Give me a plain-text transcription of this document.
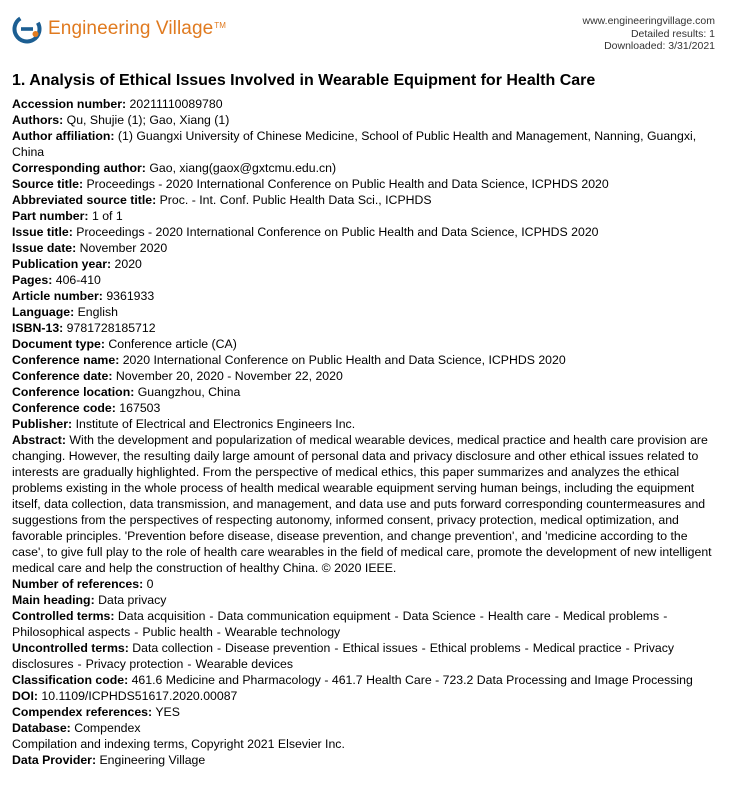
Engineering Village™	www.engineeringvillage.com
Detailed results: 1
Downloaded: 3/31/2021
1. Analysis of Ethical Issues Involved in Wearable Equipment for Health Care
Accession number: 20211110089780
Authors: Qu, Shujie (1); Gao, Xiang (1)
Author affiliation: (1) Guangxi University of Chinese Medicine, School of Public Health and Management, Nanning, Guangxi, China
Corresponding author: Gao, xiang(gaox@gxtcmu.edu.cn)
Source title: Proceedings - 2020 International Conference on Public Health and Data Science, ICPHDS 2020
Abbreviated source title: Proc. - Int. Conf. Public Health Data Sci., ICPHDS
Part number: 1 of 1
Issue title: Proceedings - 2020 International Conference on Public Health and Data Science, ICPHDS 2020
Issue date: November 2020
Publication year: 2020
Pages: 406-410
Article number: 9361933
Language: English
ISBN-13: 9781728185712
Document type: Conference article (CA)
Conference name: 2020 International Conference on Public Health and Data Science, ICPHDS 2020
Conference date: November 20, 2020 - November 22, 2020
Conference location: Guangzhou, China
Conference code: 167503
Publisher: Institute of Electrical and Electronics Engineers Inc.
Abstract: With the development and popularization of medical wearable devices, medical practice and health care provision are changing. However, the resulting daily large amount of personal data and privacy disclosure and other ethical issues related to interests are gradually highlighted. From the perspective of medical ethics, this paper summarizes and analyzes the ethical problems existing in the whole process of health medical wearable equipment serving human beings, including the equipment itself, data collection, data transmission, and management, and data use and puts forward corresponding countermeasures and suggestions from the perspectives of respecting autonomy, informed consent, privacy protection, medical optimization, and favorable principles. 'Prevention before disease, disease prevention, and change prevention', and 'medicine according to the case', to give full play to the role of health care wearables in the field of medical care, promote the development of new intelligent medical care and help the construction of healthy China. © 2020 IEEE.
Number of references: 0
Main heading: Data privacy
Controlled terms: Data acquisition - Data communication equipment - Data Science - Health care - Medical problems -Philosophical aspects - Public health - Wearable technology
Uncontrolled terms: Data collection - Disease prevention - Ethical issues - Ethical problems - Medical practice - Privacy disclosures - Privacy protection - Wearable devices
Classification code: 461.6 Medicine and Pharmacology - 461.7 Health Care - 723.2 Data Processing and Image Processing
DOI: 10.1109/ICPHDS51617.2020.00087
Compendex references: YES
Database: Compendex
Compilation and indexing terms, Copyright 2021 Elsevier Inc.
Data Provider: Engineering Village
